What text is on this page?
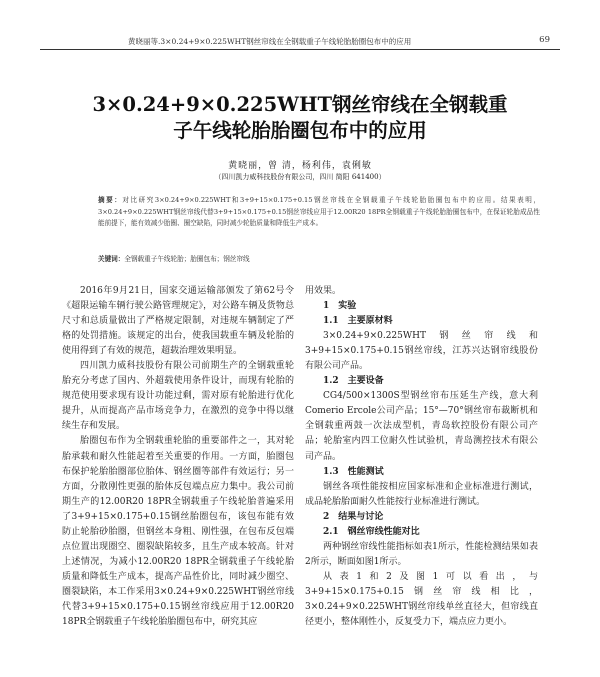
黄晓丽等.3×0.24+9×0.225WHT钢丝帘线在全钢载重子午线轮胎胎圈包布中的应用	69
3×0.24+9×0.225WHT钢丝帘线在全钢载重
子午线轮胎胎圈包布中的应用
黄晓丽，曾 清，杨利伟，袁俐敏
（四川凯力威科技股份有限公司，四川 简阳 641400）
摘要：对比研究3×0.24+9×0.225WHT和3+9+15×0.175+0.15钢丝帘线在全钢载重子午线轮胎胎圈包布中的应用。结果表明，3×0.24+9×0.225WHT钢丝帘线代替3+9+15×0.175+0.15钢丝帘线应用于12.00R20 18PR全钢载重子午线轮胎胎圈包布中，在保证轮胎成品性能前提下，能有效减少胎圈、圈空缺陷，同时减少轮胎质量和降低生产成本。
关键词：全钢载重子午线轮胎；胎圈包布；钢丝帘线

2016年9月21日，国家交通运输部颁发了第62号令《超限运输车辆行驶公路管理规定》，对公路车辆及货物总尺寸和总质量做出了严格规定限制，对违规车辆制定了严格的处罚措施。该规定的出台，使我国载重车辆及轮胎的使用得到了有效的规范，超载治理效果明显。

四川凯力威科技股份有限公司前期生产的全钢载重轮胎充分考虑了国内、外超载使用条件设计，而现有轮胎的规范使用要求现有设计功能过剩，需对原有轮胎进行优化提升，从而提高产品市场竞争力，在激烈的竞争中得以继续生存和发展。

胎圈包布作为全钢载重轮胎的重要部件之一，其对轮胎承载和耐久性能起着至关重要的作用。一方面，胎圈包布保护轮胎胎圈部位胎体、钢丝圈等部件有效运行；另一方面，分散刚性更强的胎体反包端点应力集中。我公司前期生产的12.00R20 18PR全钢载重子午线轮胎普遍采用了3+9+15×0.175+0.15钢丝胎圈包布，该包布能有效防止轮胎砂胎圈，但钢丝本身粗、刚性强，在包布反包端点位置出现圈空、圈裂缺陷较多，且生产成本较高。针对上述情况，为减小12.00R20 18PR全钢载重子午线轮胎质量和降低生产成本，提高产品性价比，同时减少圈空、圈裂缺陷，本工作采用3×0.24+9×0.225WHT钢丝帘线代替3+9+15×0.175+0.15钢丝帘线应用于12.00R20 18PR全钢载重子午线轮胎胎圈包布中，研究其应

用效果。

1　实验

1.1　主要原材料

3×0.24+9×0.225WHT钢丝帘线和3+9+15×0.175+0.15钢丝帘线，江苏兴达钢帘线股份有限公司产品。

1.2　主要设备

CG4/500×1300S型钢丝帘布压延生产线，意大利Comerio Ercole公司产品；15°—70°钢丝帘布裁断机和全钢载重两鼓一次法成型机，青岛软控股份有限公司产品；轮胎室内四工位耐久性试验机，青岛测控技术有限公司产品。

1.3　性能测试

钢丝各项性能按相应国家标准和企业标准进行测试，成品轮胎胎面耐久性能按行业标准进行测试。

2　结果与讨论

2.1　钢丝帘线性能对比

两种钢丝帘线性能指标如表1所示，性能检测结果如表2所示，断面如图1所示。

从表1和2及图1可以看出，与3+9+15×0.175+0.15钢丝帘线相比，3×0.24+9×0.225WHT钢丝帘线单丝直径大，但帘线直径更小，整体刚性小，反复受力下，端点应力更小。
